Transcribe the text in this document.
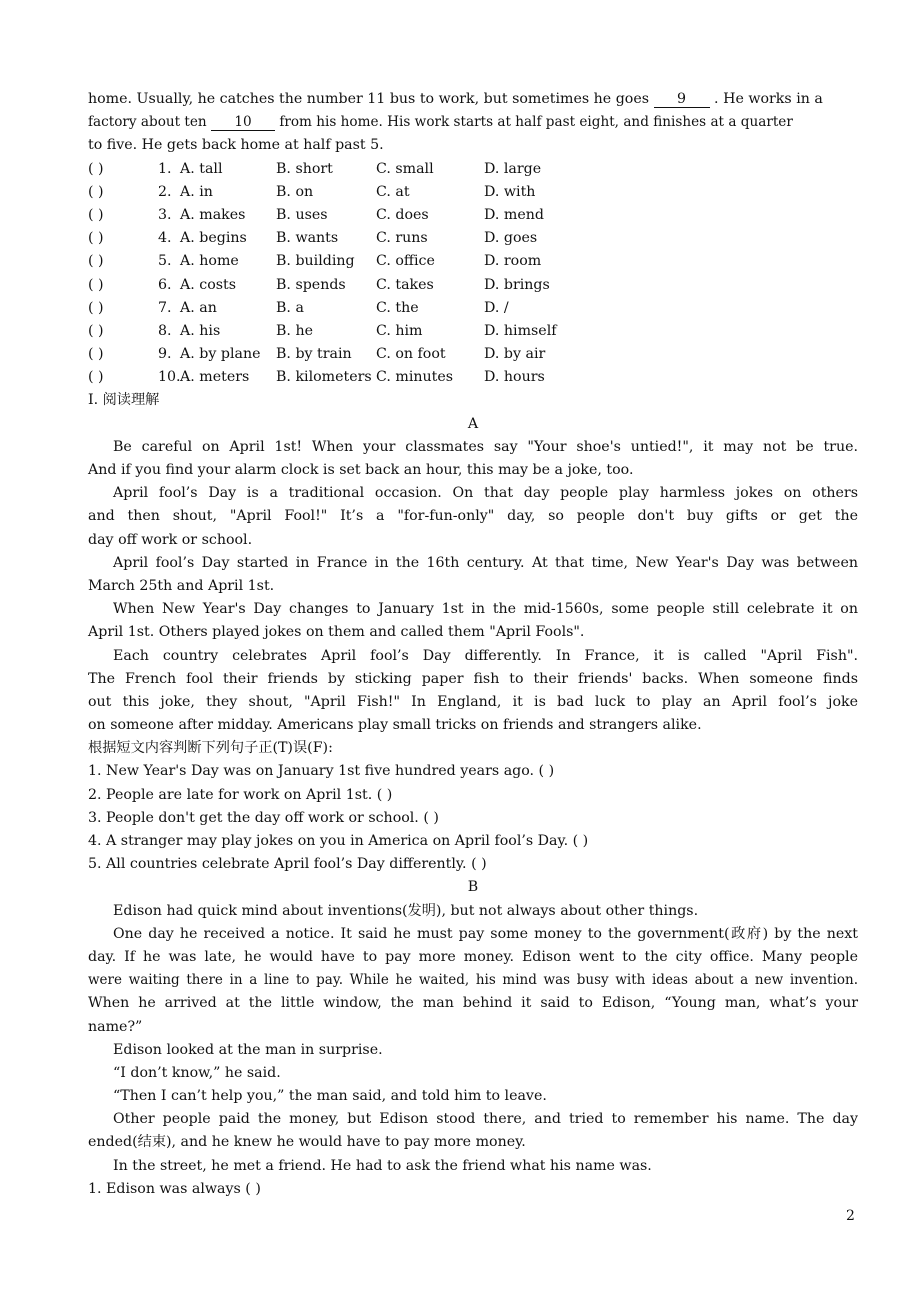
home. Usually, he catches the number 11 bus to work, but sometimes he goes 9 . He works in a
factory about ten 10 from his home. His work starts at half past eight, and finishes at a quarter
to five. He gets back home at half past 5.
( )	1. A. tall	B. short	C. small	D. large
( )	2. A. in	B. on	C. at	D. with
( )	3. A. makes B. uses	C. does	D. mend
( )	4. A. begins B. wants	C. runs	D. goes
( )	5. A. home	B. building C. office	D. room
( )	6. A. costs	B. spends C. takes	D. brings
( )	7. A. an	B. a	C. the	D. /
( )	8. A. his	B. he	C. him	D. himself
( )	9. A. by plane B. by train C. on foot	D. by air
( )	10.A. meters B. kilometers C. minutes D. hours
I. 阅读理解
A
Be careful on April 1st! When your classmates say "Your shoe's untied!", it may not be true.
And if you find your alarm clock is set back an hour, this may be a joke, too.
April fool’s Day is a traditional occasion. On that day people play harmless jokes on others
and then shout, "April Fool!" It’s a "for-fun-only" day, so people don't buy gifts or get the
day off work or school.
April fool’s Day started in France in the 16th century. At that time, New Year's Day was between
March 25th and April 1st.
When New Year's Day changes to January 1st in the mid-1560s, some people still celebrate it on
April 1st. Others played jokes on them and called them "April Fools".
Each country celebrates April fool’s Day differently. In France, it is called "April Fish".
The French fool their friends by sticking paper fish to their friends' backs. When someone finds
out this joke, they shout, "April Fish!" In England, it is bad luck to play an April fool’s joke
on someone after midday. Americans play small tricks on friends and strangers alike.
根据短文内容判断下列句子正(T)误(F):
1. New Year's Day was on January 1st five hundred years ago. ( )
2. People are late for work on April 1st. ( )
3. People don't get the day off work or school. ( )
4. A stranger may play jokes on you in America on April fool’s Day. ( )
5. All countries celebrate April fool’s Day differently. ( )
B
Edison had quick mind about inventions(发明), but not always about other things.
One day he received a notice. It said he must pay some money to the government(政府) by the next
day. If he was late, he would have to pay more money. Edison went to the city office. Many people
were waiting there in a line to pay. While he waited, his mind was busy with ideas about a new invention.
When he arrived at the little window, the man behind it said to Edison, “Young man, what’s your
name?”
Edison looked at the man in surprise.
“I don’t know,” he said.
“Then I can’t help you,” the man said, and told him to leave.
Other people paid the money, but Edison stood there, and tried to remember his name. The day
ended(结束), and he knew he would have to pay more money.
In the street, he met a friend. He had to ask the friend what his name was.
1. Edison was always ( )
2
